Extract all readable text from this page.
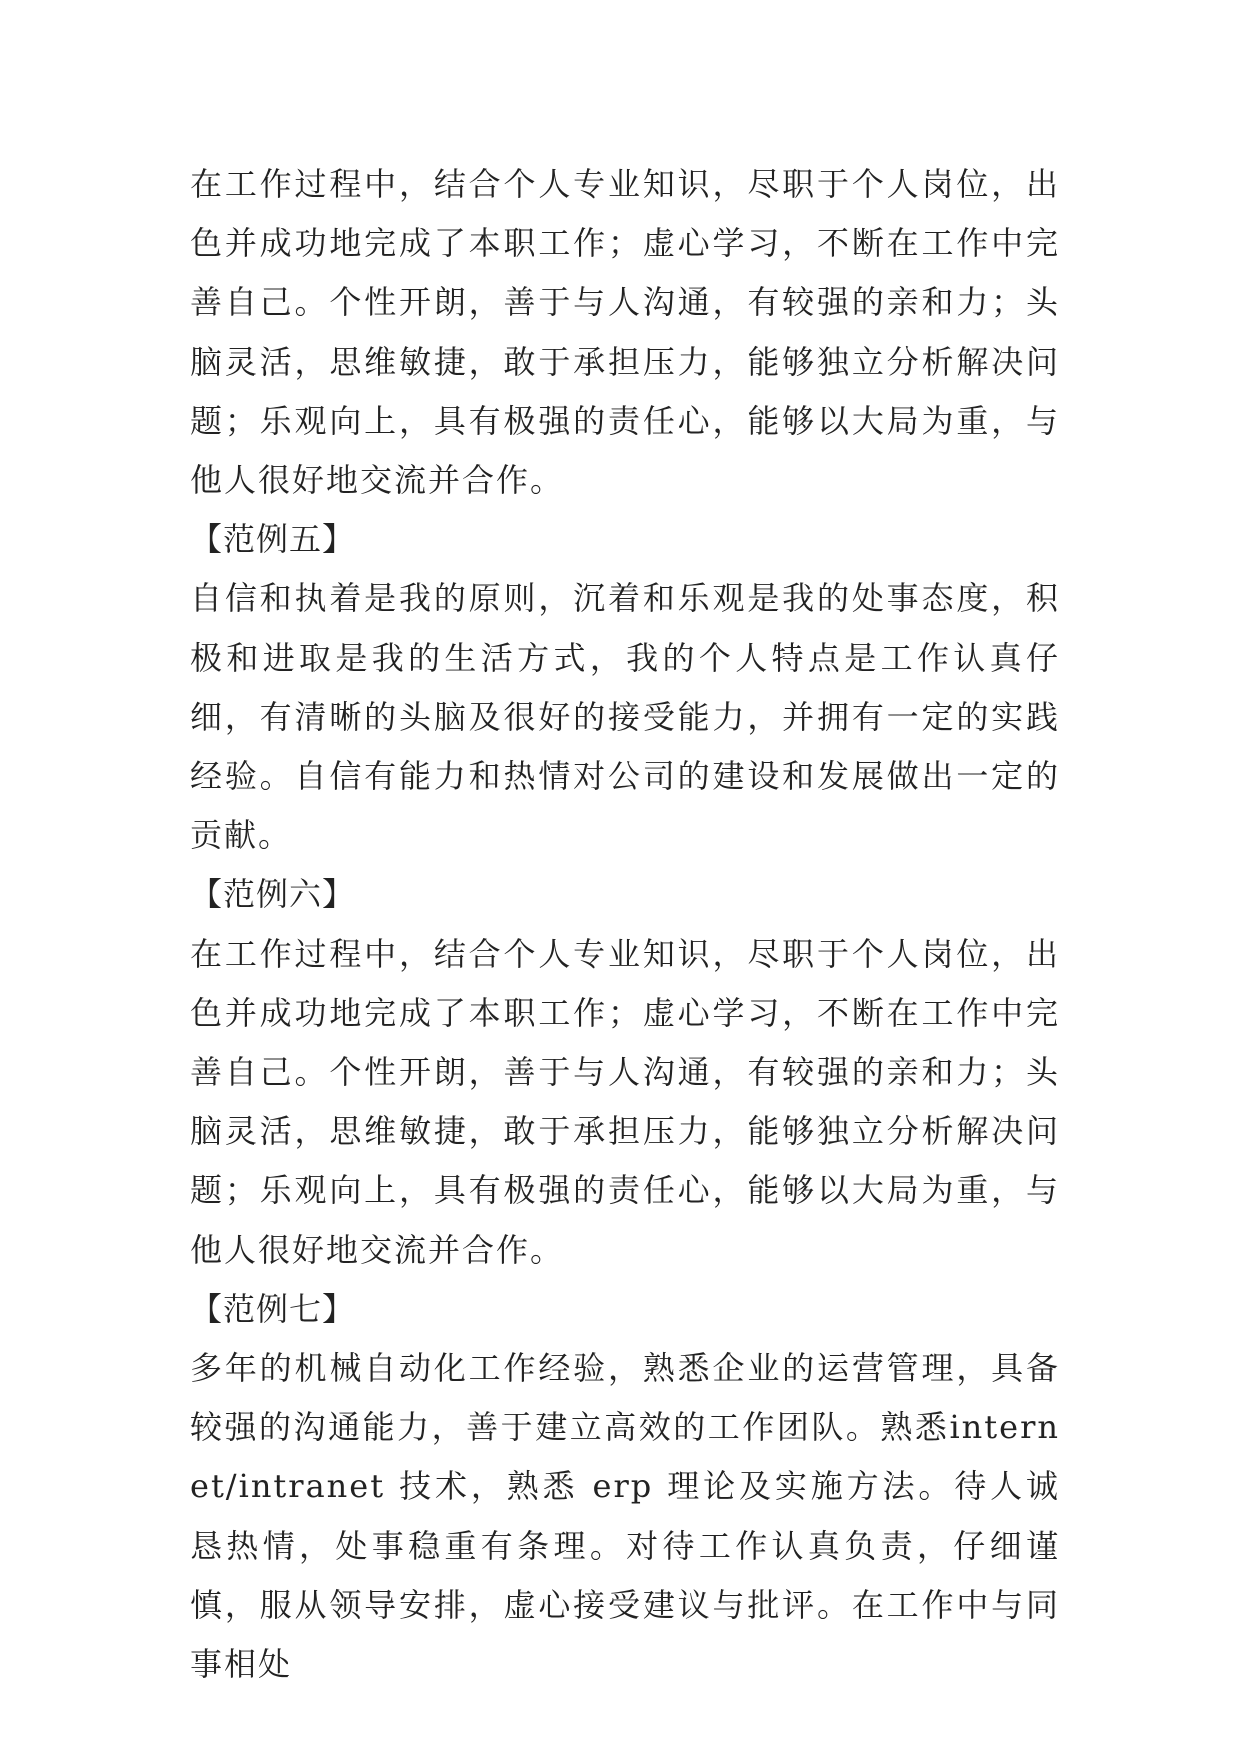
在工作过程中，结合个人专业知识，尽职于个人岗位，出色并成功地完成了本职工作；虚心学习，不断在工作中完善自己。个性开朗，善于与人沟通，有较强的亲和力；头脑灵活，思维敏捷，敢于承担压力，能够独立分析解决问题；乐观向上，具有极强的责任心，能够以大局为重，与他人很好地交流并合作。

【范例五】

自信和执着是我的原则，沉着和乐观是我的处事态度，积极和进取是我的生活方式，我的个人特点是工作认真仔细，有清晰的头脑及很好的接受能力，并拥有一定的实践经验。自信有能力和热情对公司的建设和发展做出一定的贡献。

【范例六】

在工作过程中，结合个人专业知识，尽职于个人岗位，出色并成功地完成了本职工作；虚心学习，不断在工作中完善自己。个性开朗，善于与人沟通，有较强的亲和力；头脑灵活，思维敏捷，敢于承担压力，能够独立分析解决问题；乐观向上，具有极强的责任心，能够以大局为重，与他人很好地交流并合作。

【范例七】

多年的机械自动化工作经验，熟悉企业的运营管理，具备较强的沟通能力，善于建立高效的工作团队。熟悉internet/intranet 技术，熟悉 erp 理论及实施方法。待人诚恳热情，处事稳重有条理。对待工作认真负责，仔细谨慎，服从领导安排，虚心接受建议与批评。在工作中与同事相处
